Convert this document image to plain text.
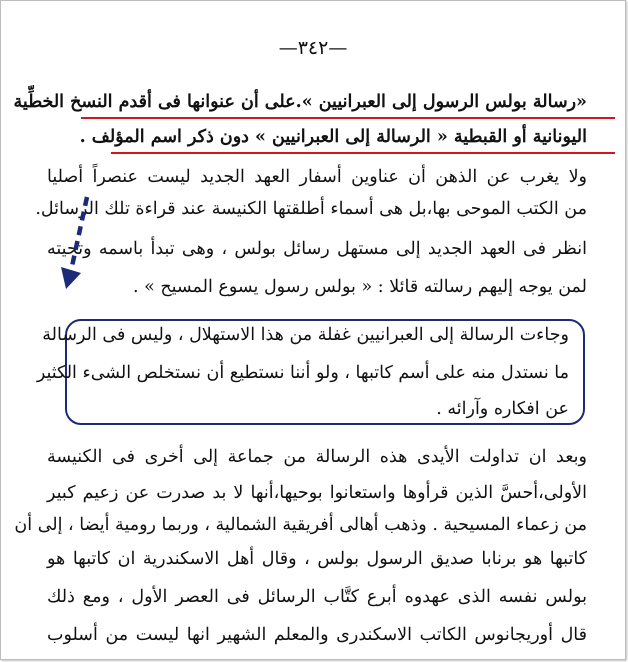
—٣٤٢—
«رسالة بولس الرسول إلى العبرانيين ».على أن عنوانها فى أقدم النسخ الخطِّية
اليونانية أو القبطية « الرسالة إلى العبرانيين » دون ذكر اسم المؤلف .
ولا يغرب عن الذهن أن عناوين أسفار العهد الجديد ليست عنصراً أصليا
من الكتب الموحى بها،بل هى أسماء أطلقتها الكنيسة عند قراءة تلك الرسائل.
انظر فى العهد الجديد إلى مستهل رسائل بولس ، وهى تبدأ باسمه وتحيته
لمن يوجه إليهم رسالته قائلا : « بولس رسول يسوع المسيح » .
وجاءت الرسالة إلى العبرانيين غفلة من هذا الاستهلال ، وليس فى الرسالة
ما نستدل منه على أسم كاتبها ، ولو أننا نستطيع أن نستخلص الشىء الكثير
عن افكاره وآرائه .
وبعد ان تداولت الأيدى هذه الرسالة من جماعة إلى أخرى فى الكنيسة
الأولى،أحسَّ الذين قرأوها واستعانوا بوحيها،أنها لا بد صدرت عن زعيم كبير
من زعماء المسيحية . وذهب أهالى أفريقية الشمالية ، وربما رومية أيضا ، إلى أن
كاتبها هو برنابا صديق الرسول بولس ، وقال أهل الاسكندرية ان كاتبها هو
بولس نفسه الذى عهدوه أبرع كتَّاب الرسائل فى العصر الأول ، ومع ذلك
قال أوريجانوس الكاتب الاسكندرى والمعلم الشهير انها ليست من أسلوب
